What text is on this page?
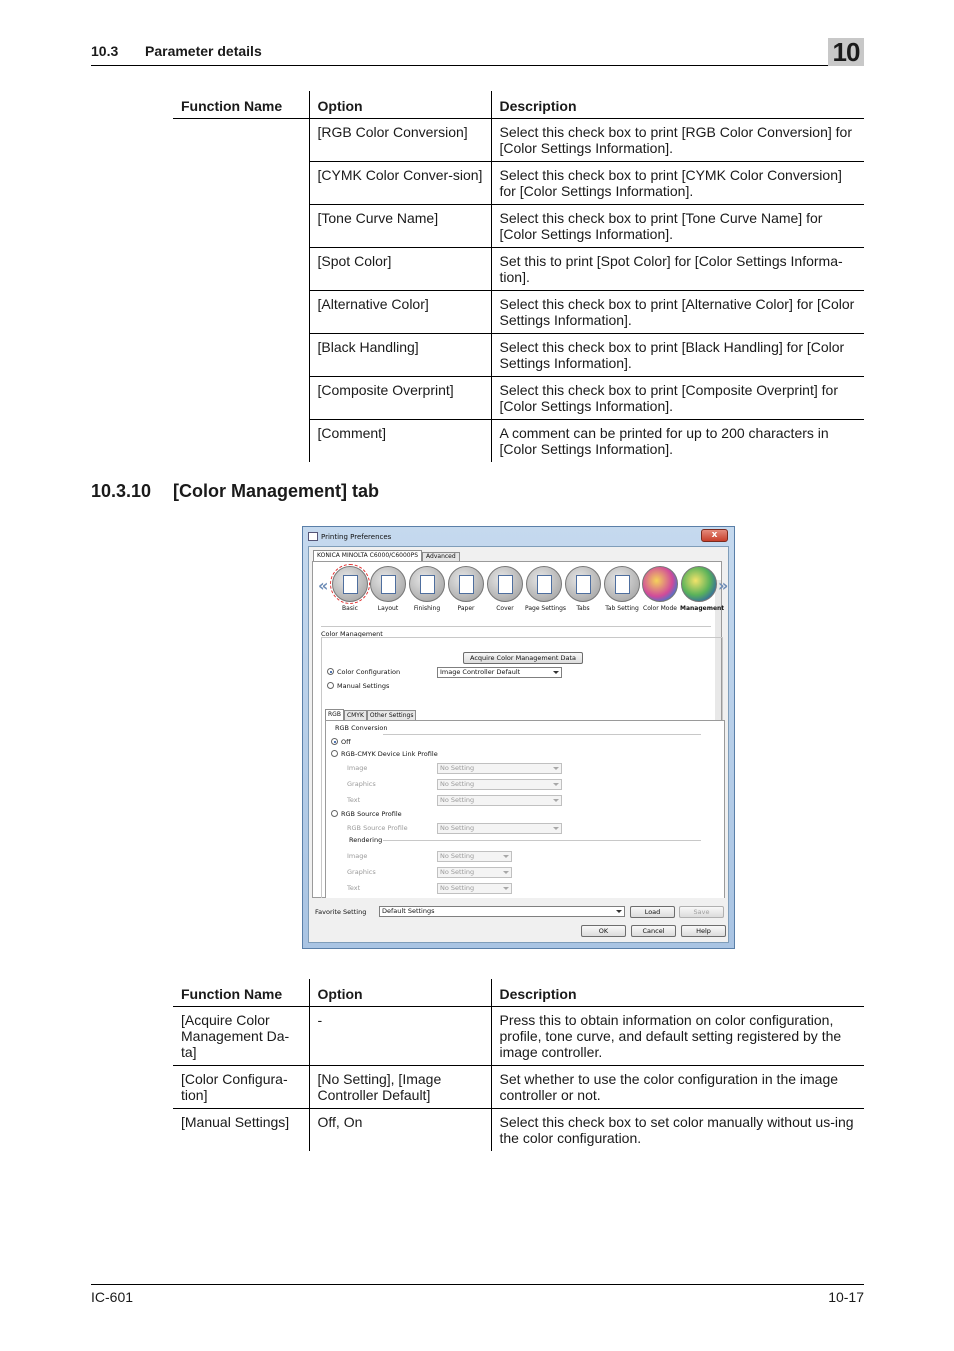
10.3 Parameter details	10
Function Name	Option	Description
	[RGB Color Conversion]	Select this check box to print [RGB Color Conversion] for [Color Settings Information].
	[CYMK Color Conver-sion]	Select this check box to print [CYMK Color Conversion] for [Color Settings Information].
	[Tone Curve Name]	Select this check box to print [Tone Curve Name] for [Color Settings Information].
	[Spot Color]	Set this to print [Spot Color] for [Color Settings Informa-tion].
	[Alternative Color]	Select this check box to print [Alternative Color] for [Color Settings Information].
	[Black Handling]	Select this check box to print [Black Handling] for [Color Settings Information].
	[Composite Overprint]	Select this check box to print [Composite Overprint] for [Color Settings Information].
	[Comment]	A comment can be printed for up to 200 characters in [Color Settings Information].
10.3.10 [Color Management] tab
Printing Preferences	x
KONICA MINOLTA C6000/C6000PS Advanced
«
Basic	Layout	Finishing	Paper	Cover	Page Settings	Tabs	Tab Setting Color Mode Management
»
Color Management
Acquire Color Management Data
Color Configuration	Image Controller Default
Manual Settings
RGB CMYK Other Settings
RGB Conversion
Off
RGB-CMYK Device Link Profile
Image	No Setting
Graphics	No Setting
Text	No Setting
RGB Source Profile
RGB Source Profile	No Setting
Rendering
Image	No Setting
Graphics	No Setting
Text	No Setting
Favorite Setting	Default Settings	Load	Save
OK	Cancel	Help
Function Name	Option	Description
[Acquire Color Management Da-ta]	-	Press this to obtain information on color configuration, profile, tone curve, and default setting registered by the image controller.
[Color Configura-tion]	[No Setting], [Image Controller Default]	Set whether to use the color configuration in the image controller or not.
[Manual Settings]	Off, On	Select this check box to set color manually without us-ing the color configuration.
IC-601	10-17
